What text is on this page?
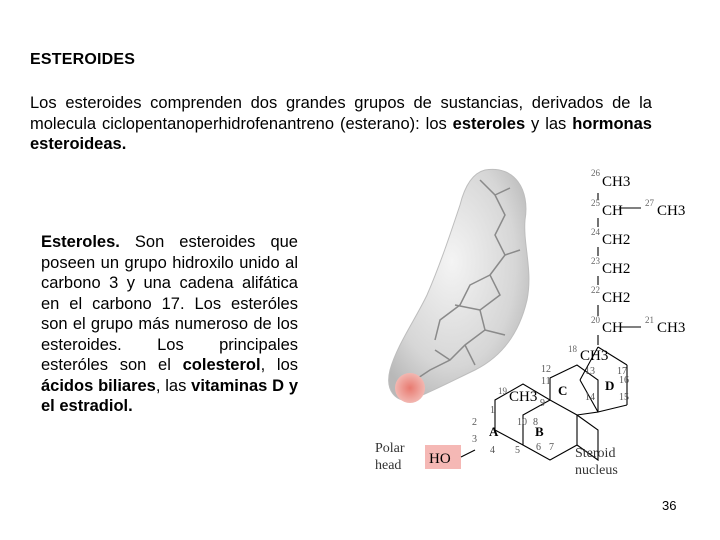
ESTEROIDES
Los esteroides comprenden dos grandes grupos de sustancias, derivados de la molecula ciclopentanoperhidrofenantreno (esterano): los esteroles y las hormonas esteroideas.
Esteroles. Son esteroides que poseen un grupo hidroxilo unido al carbono 3 y una cadena alifática en el carbono 17. Los esteróles son el grupo más numeroso de los esteroides. Los principales esteróles son el colesterol, los ácidos biliares, las vitaminas D y el estradiol.
26
CH3
25 CH 27 CH3
24 CH2
23 CH2
22 CH2
20 CH 21 CH3
18 CH3
19 CH3
A	B
C	D
1
2
3
4 5 6 7
8
9
10
11
12	13
14 15
16
17
Polar
head HO	Steroid
nucleus
36
